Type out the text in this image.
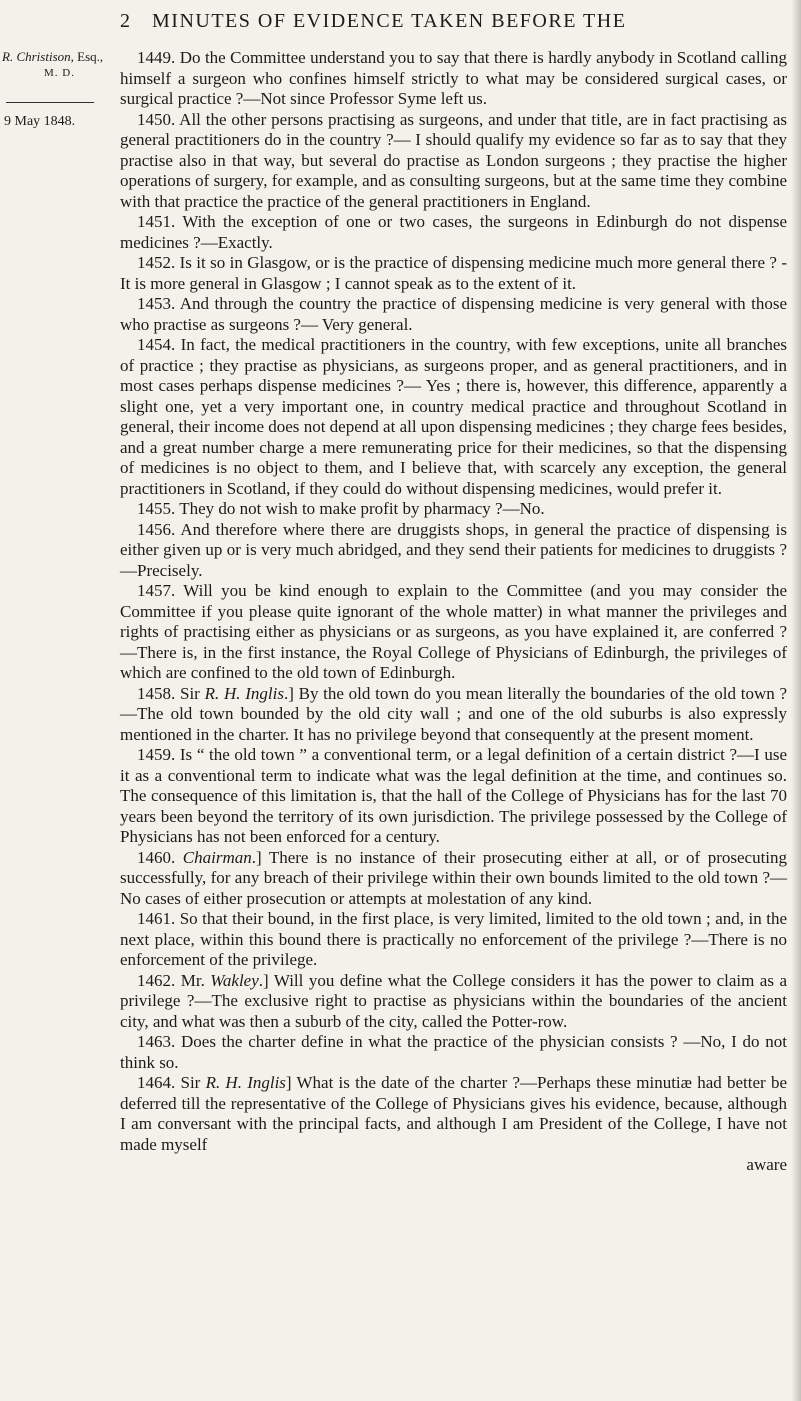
2 MINUTES OF EVIDENCE TAKEN BEFORE THE
R. Christison, Esq.,
M. D.
9 May 1848.

1449. Do the Committee understand you to say that there is hardly anybody in Scotland calling himself a surgeon who confines himself strictly to what may be considered surgical cases, or surgical practice ?—Not since Professor Syme left us.

1450. All the other persons practising as surgeons, and under that title, are in fact practising as general practitioners do in the country ?— I should qualify my evidence so far as to say that they practise also in that way, but several do practise as London surgeons ; they practise the higher operations of surgery, for example, and as consulting surgeons, but at the same time they combine with that practice the practice of the general practitioners in England.

1451. With the exception of one or two cases, the surgeons in Edinburgh do not dispense medicines ?—Exactly.

1452. Is it so in Glasgow, or is the practice of dispensing medicine much more general there ? - It is more general in Glasgow ; I cannot speak as to the extent of it.

1453. And through the country the practice of dispensing medicine is very general with those who practise as surgeons ?— Very general.

1454. In fact, the medical practitioners in the country, with few exceptions, unite all branches of practice ; they practise as physicians, as surgeons proper, and as general practitioners, and in most cases perhaps dispense medicines ?— Yes ; there is, however, this difference, apparently a slight one, yet a very important one, in country medical practice and throughout Scotland in general, their income does not depend at all upon dispensing medicines ; they charge fees besides, and a great number charge a mere remunerating price for their medicines, so that the dispensing of medicines is no object to them, and I believe that, with scarcely any exception, the general practitioners in Scotland, if they could do without dispensing medicines, would prefer it.

1455. They do not wish to make profit by pharmacy ?—No.

1456. And therefore where there are druggists shops, in general the practice of dispensing is either given up or is very much abridged, and they send their patients for medicines to druggists ?—Precisely.

1457. Will you be kind enough to explain to the Committee (and you may consider the Committee if you please quite ignorant of the whole matter) in what manner the privileges and rights of practising either as physicians or as surgeons, as you have explained it, are conferred ?—There is, in the first instance, the Royal College of Physicians of Edinburgh, the privileges of which are confined to the old town of Edinburgh.

1458. Sir R. H. Inglis.] By the old town do you mean literally the boundaries of the old town ?—The old town bounded by the old city wall ; and one of the old suburbs is also expressly mentioned in the charter. It has no privilege beyond that consequently at the present moment.

1459. Is “ the old town ” a conventional term, or a legal definition of a certain district ?—I use it as a conventional term to indicate what was the legal definition at the time, and continues so. The consequence of this limitation is, that the hall of the College of Physicians has for the last 70 years been beyond the territory of its own jurisdiction. The privilege possessed by the College of Physicians has not been enforced for a century.

1460. Chairman.] There is no instance of their prosecuting either at all, or of prosecuting successfully, for any breach of their privilege within their own bounds limited to the old town ?—No cases of either prosecution or attempts at molestation of any kind.

1461. So that their bound, in the first place, is very limited, limited to the old town ; and, in the next place, within this bound there is practically no enforcement of the privilege ?—There is no enforcement of the privilege.

1462. Mr. Wakley.] Will you define what the College considers it has the power to claim as a privilege ?—The exclusive right to practise as physicians within the boundaries of the ancient city, and what was then a suburb of the city, called the Potter-row.

1463. Does the charter define in what the practice of the physician consists ? —No, I do not think so.

1464. Sir R. H. Inglis] What is the date of the charter ?—Perhaps these minutiæ had better be deferred till the representative of the College of Physicians gives his evidence, because, although I am conversant with the principal facts, and although I am President of the College, I have not made myself

aware
